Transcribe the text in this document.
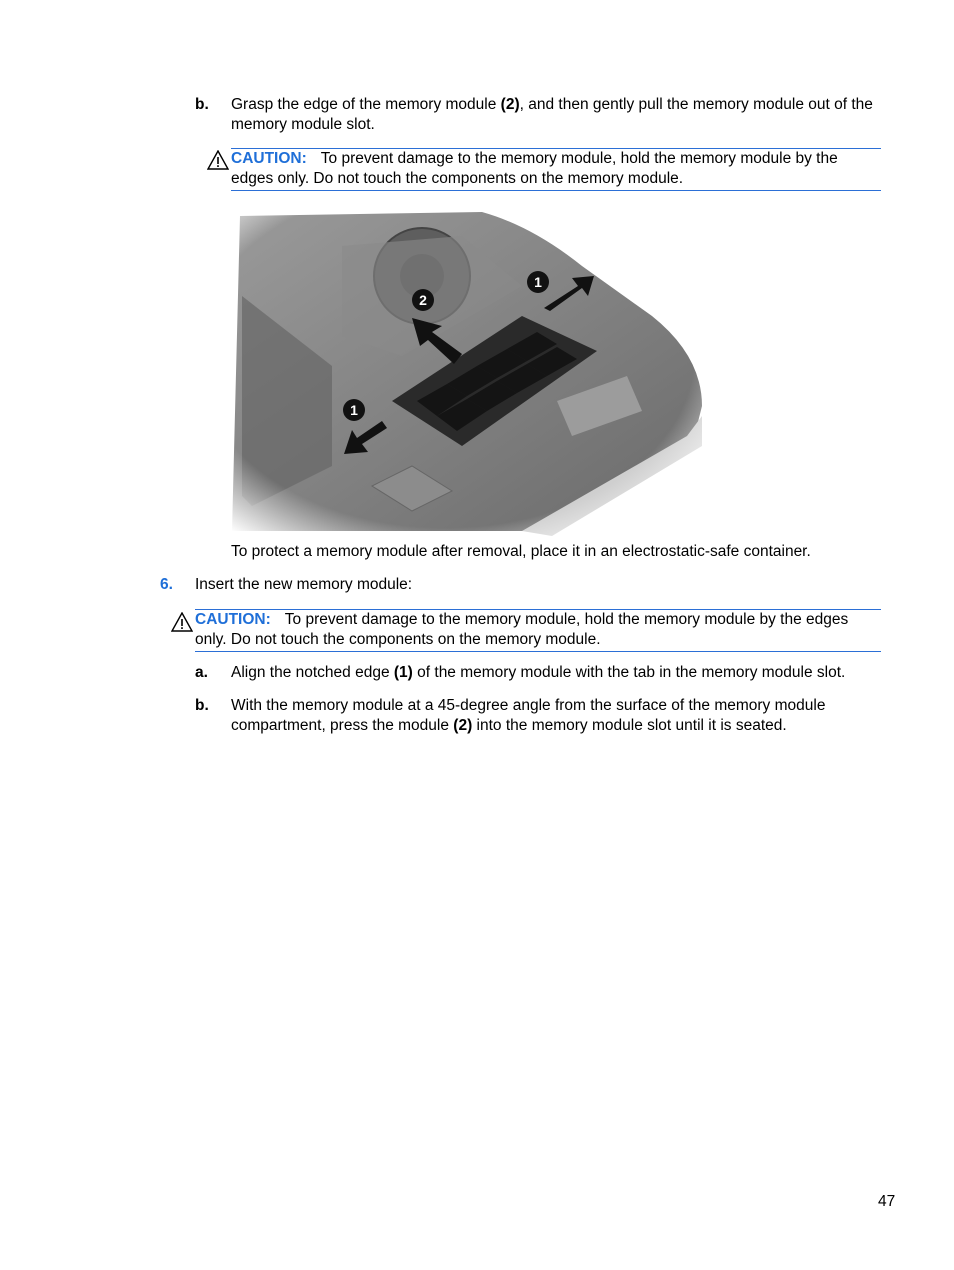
b. Grasp the edge of the memory module (2), and then gently pull the memory module out of the memory module slot.
CAUTION: To prevent damage to the memory module, hold the memory module by the edges only. Do not touch the components on the memory module.
To protect a memory module after removal, place it in an electrostatic-safe container.
6. Insert the new memory module:
CAUTION: To prevent damage to the memory module, hold the memory module by the edges only. Do not touch the components on the memory module.
a. Align the notched edge (1) of the memory module with the tab in the memory module slot.
b. With the memory module at a 45-degree angle from the surface of the memory module compartment, press the module (2) into the memory module slot until it is seated.
47
